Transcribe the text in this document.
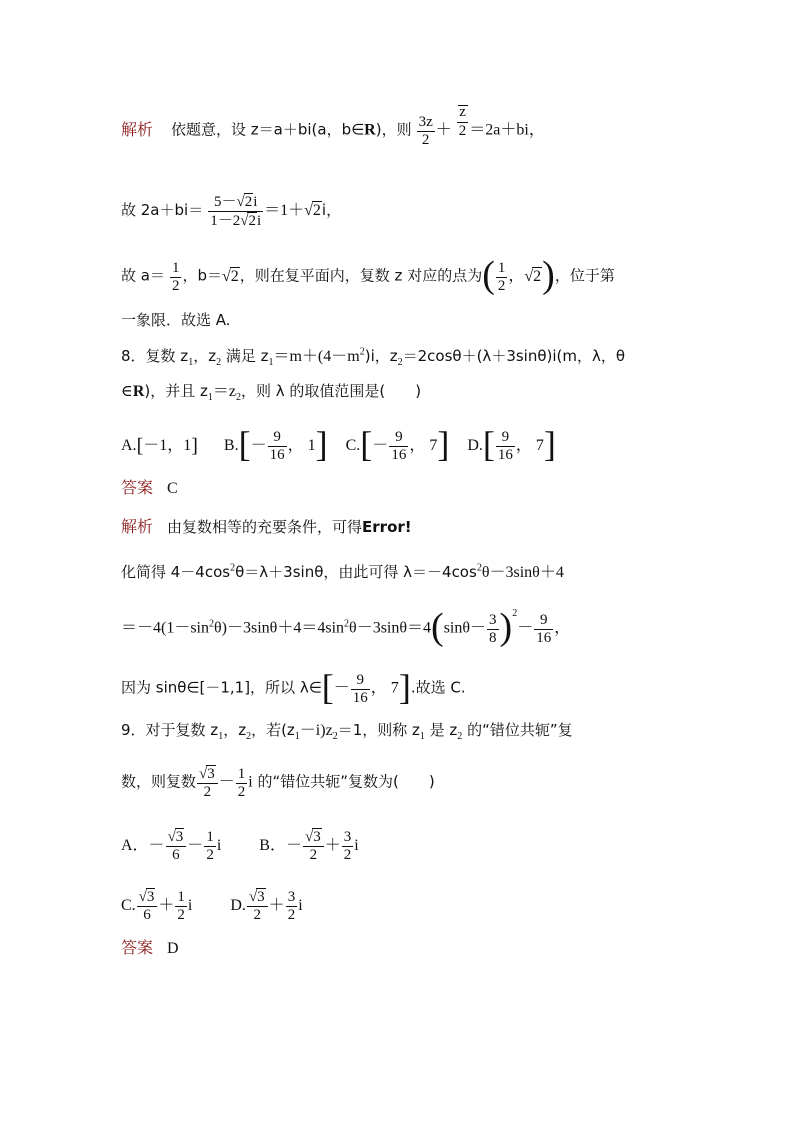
解析 依题意，设 z＝a＋bi(a，b∈R)，则 $\frac{3z}{2} + \frac{z}{2} =2a+bi$，
故 $2a+bi= \frac{5-√2i}{1-2√2i} =1+√2i$，
故 $a= \frac{1}{2}$ ，b＝√2，则在复平面内，复数 z 对应的点为( $\frac{1}{2}$ ，√2)，位于第
一象限．故选 A.
8．复数 $z_1$，$z_2$ 满足 $z_1=m+(4-m^2)i$，$z_2=2\cos\theta+(\lambda+3\sin\theta)i(m$，λ，θ
∈R)，并且 $z_1=z_2$，则 λ 的取值范围是(　　)
A.[－1，1] $B.[- \frac{9}{16}$ ， 1] $C.[- \frac{9}{16}$ ， 7] $D.[ \frac{9}{16}$ ， 7]
答案 C
解析 由复数相等的充要条件，可得Error!
化简得 $4-4\cos^2\theta=\lambda+3\sin\theta$，由此可得 $\lambda=-4\cos^2\theta-3\sin\theta+4$
$=-4(1-\sin^2\theta)-3\sin\theta+4=4\sin^2\theta-3\sin\theta=4(\sin\theta- \frac{3}{8} )^2- \frac{9}{16}$ ，
因为 sinθ∈[－1,1]，所以 λ∈[－ $\frac{9}{16}$ ， 7].故选 C.
9．对于复数 $z_1$，$z_2$，若$(z_1-i)z_2=1$，则称 $z_1$ 是 $z_2$ 的“错位共轭”复
数，则复数 $\frac{√3}{2} - \frac{1}{2}$ i 的“错位共轭”复数为(　　)
A．－ $\frac{√3}{6} - \frac{1}{2}$ i B．－ $\frac{√3}{2} + \frac{3}{2}$ i
C. $\frac{√3}{6} + \frac{1}{2}$ i D. $\frac{√3}{2} + \frac{3}{2}$ i
答案 D
